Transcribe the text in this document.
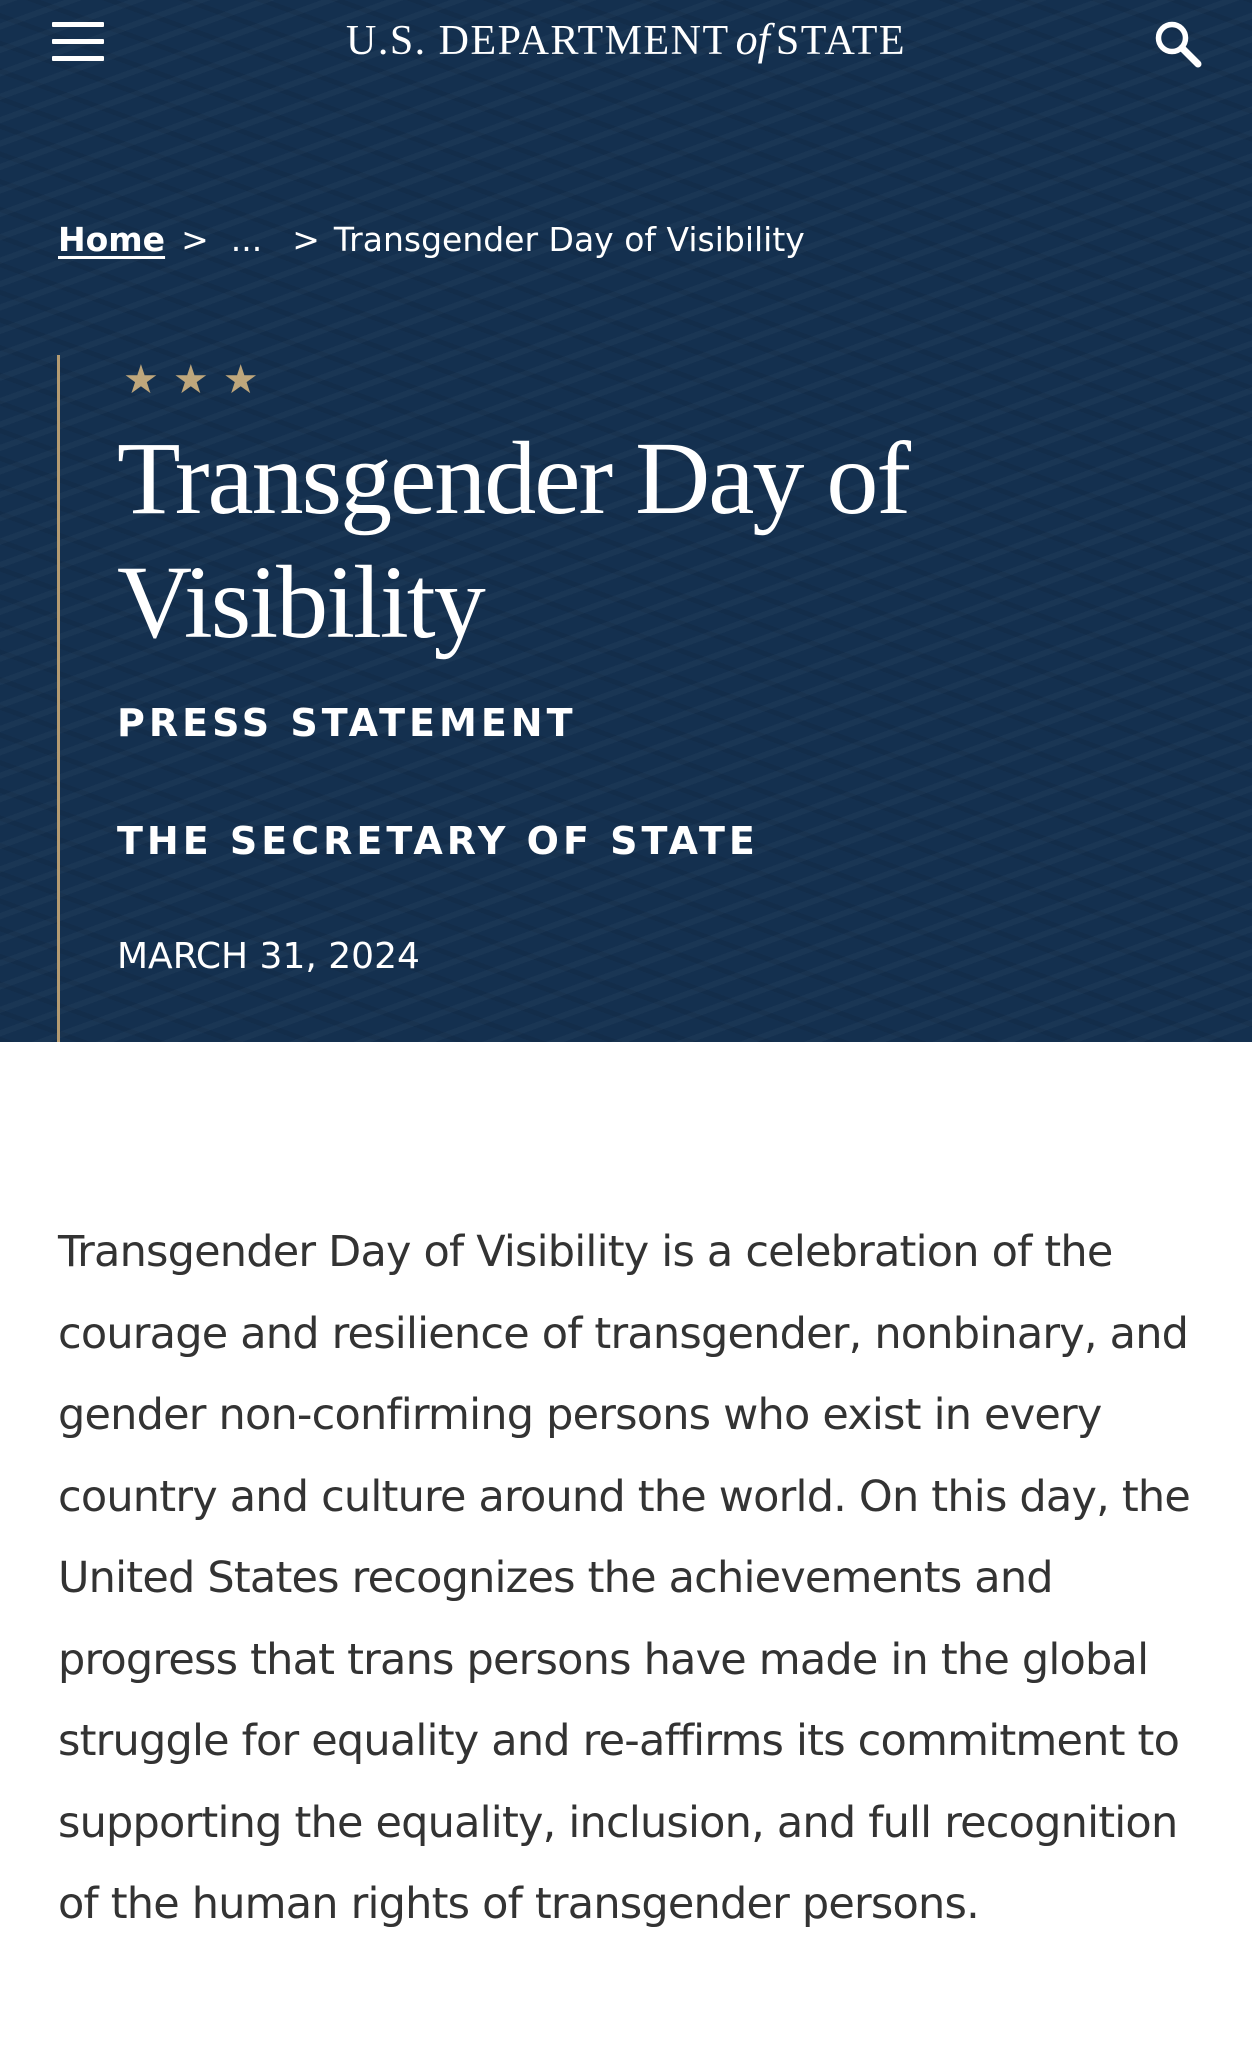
U.S. DEPARTMENT of STATE
Home > ... > Transgender Day of Visibility
★★★
Transgender Day of Visibility
PRESS STATEMENT
THE SECRETARY OF STATE
MARCH 31, 2024

Transgender Day of Visibility is a celebration of the courage and resilience of transgender, nonbinary, and gender non-confirming persons who exist in every country and culture around the world. On this day, the United States recognizes the achievements and progress that trans persons have made in the global struggle for equality and re-affirms its commitment to supporting the equality, inclusion, and full recognition of the human rights of transgender persons.
